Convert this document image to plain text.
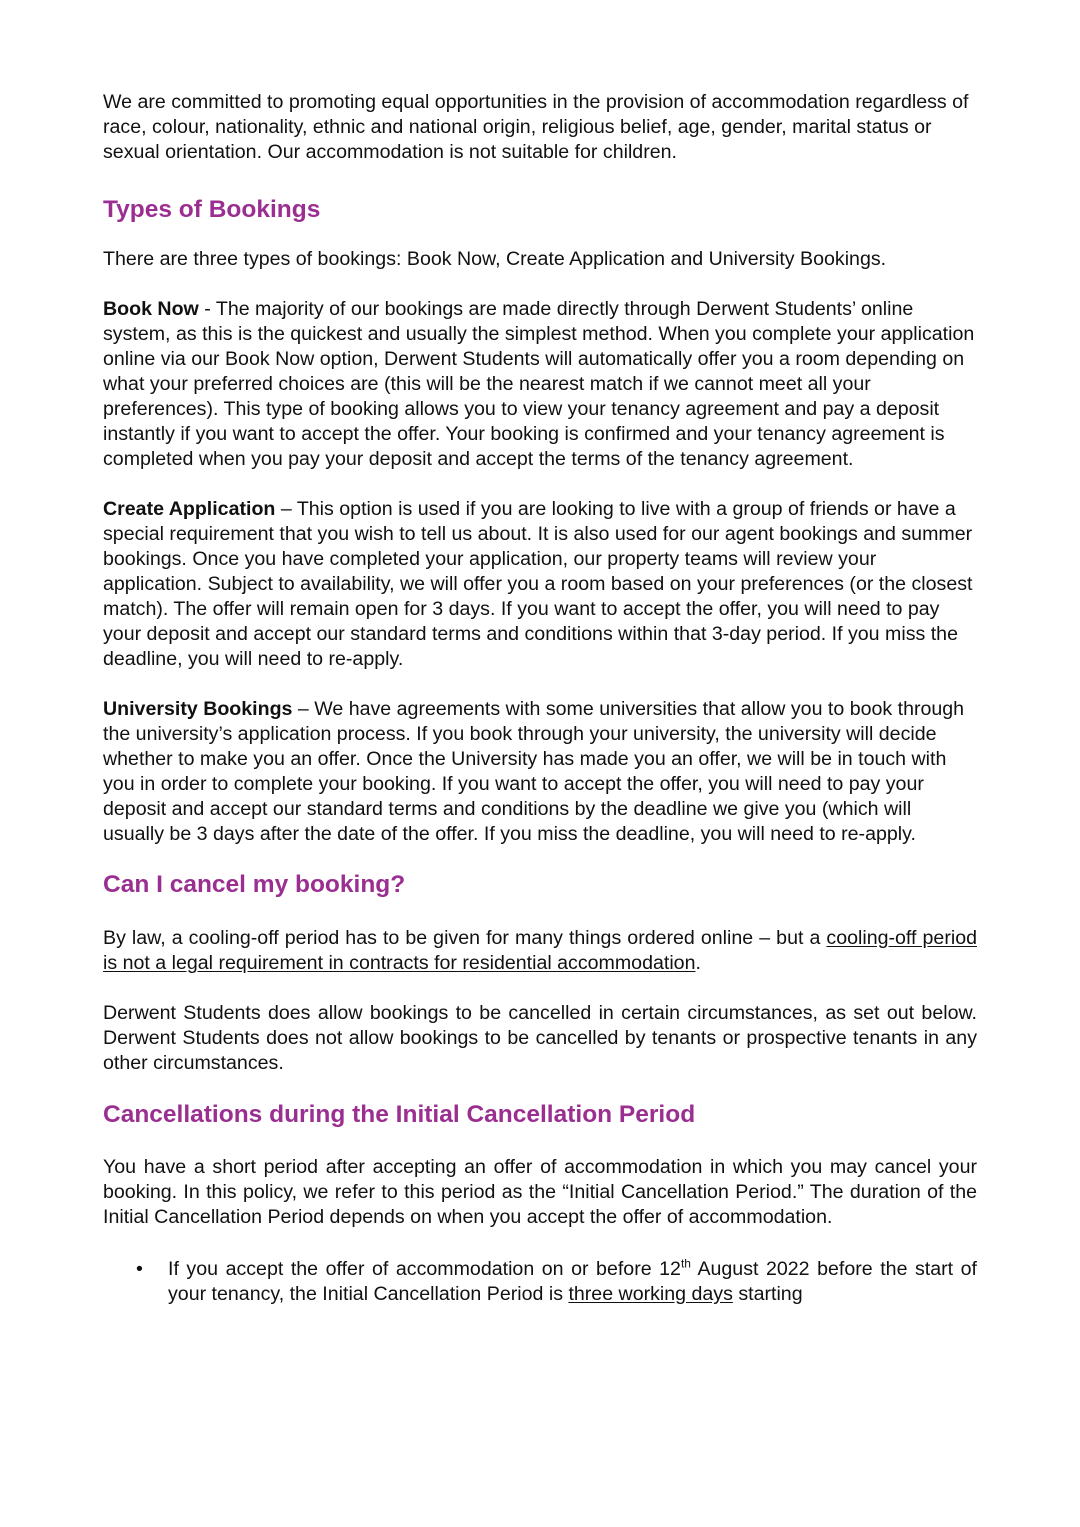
We are committed to promoting equal opportunities in the provision of accommodation regardless of race, colour, nationality, ethnic and national origin, religious belief, age, gender, marital status or sexual orientation. Our accommodation is not suitable for children.

Types of Bookings

There are three types of bookings: Book Now, Create Application and University Bookings.

Book Now - The majority of our bookings are made directly through Derwent Students’ online system, as this is the quickest and usually the simplest method. When you complete your application online via our Book Now option, Derwent Students will automatically offer you a room depending on what your preferred choices are (this will be the nearest match if we cannot meet all your preferences). This type of booking allows you to view your tenancy agreement and pay a deposit instantly if you want to accept the offer. Your booking is confirmed and your tenancy agreement is completed when you pay your deposit and accept the terms of the tenancy agreement.

Create Application – This option is used if you are looking to live with a group of friends or have a special requirement that you wish to tell us about. It is also used for our agent bookings and summer bookings. Once you have completed your application, our property teams will review your application. Subject to availability, we will offer you a room based on your preferences (or the closest match). The offer will remain open for 3 days. If you want to accept the offer, you will need to pay your deposit and accept our standard terms and conditions within that 3-day period. If you miss the deadline, you will need to re-apply.

University Bookings – We have agreements with some universities that allow you to book through the university’s application process. If you book through your university, the university will decide whether to make you an offer. Once the University has made you an offer, we will be in touch with you in order to complete your booking. If you want to accept the offer, you will need to pay your deposit and accept our standard terms and conditions by the deadline we give you (which will usually be 3 days after the date of the offer. If you miss the deadline, you will need to re-apply.

Can I cancel my booking?

By law, a cooling-off period has to be given for many things ordered online – but a cooling-off period is not a legal requirement in contracts for residential accommodation.

Derwent Students does allow bookings to be cancelled in certain circumstances, as set out below. Derwent Students does not allow bookings to be cancelled by tenants or prospective tenants in any other circumstances.

Cancellations during the Initial Cancellation Period

You have a short period after accepting an offer of accommodation in which you may cancel your booking. In this policy, we refer to this period as the “Initial Cancellation Period.” The duration of the Initial Cancellation Period depends on when you accept the offer of accommodation.

• If you accept the offer of accommodation on or before 12th August 2022 before the start of your tenancy, the Initial Cancellation Period is three working days starting
